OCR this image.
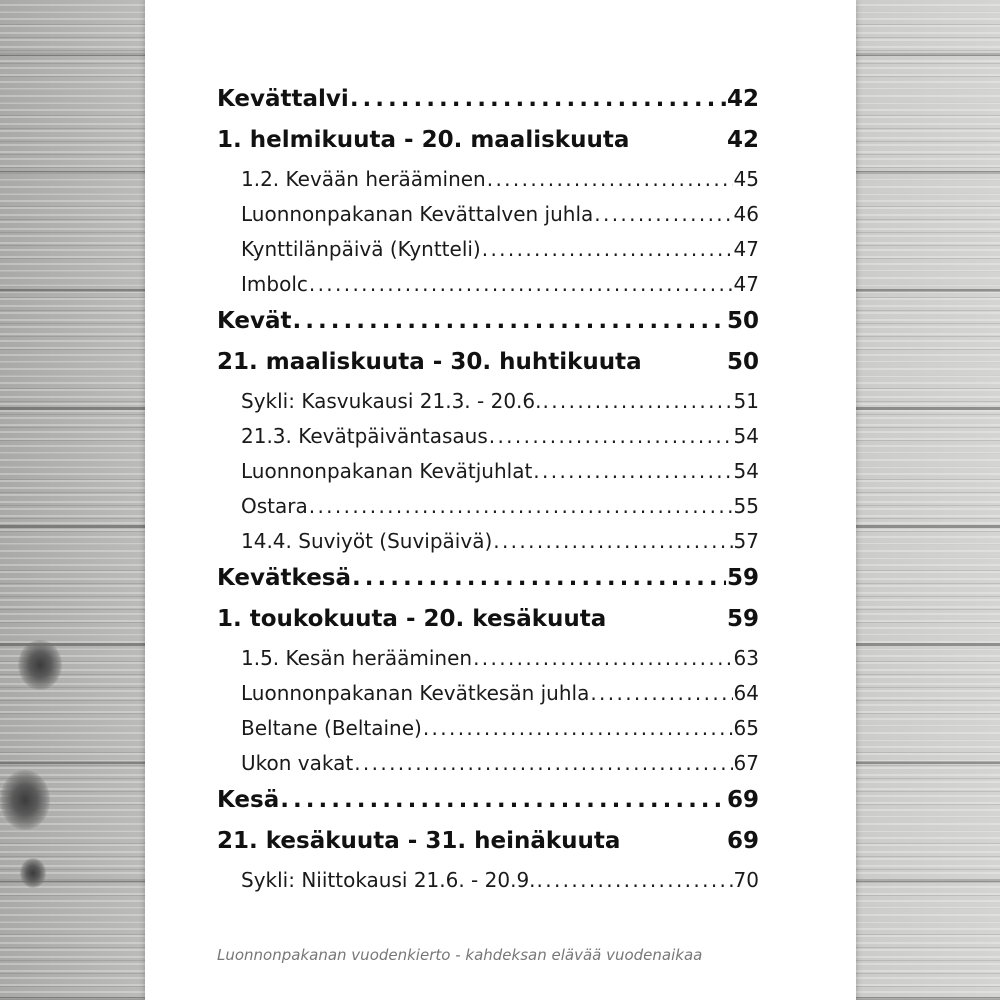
Kevättalvi . . .	42
1. helmikuuta - 20. maaliskuuta	42
1.2. Kevään herääminen . . .	45
Luonnonpakanan Kevättalven juhla . . .	46
Kynttilänpäivä (Kyntteli) . . .	47
Imbolc . . .	47
Kevät . . .	50
21. maaliskuuta - 30. huhtikuuta	50
Sykli: Kasvukausi 21.3. - 20.6. . . .	51
21.3. Kevätpäiväntasaus . . .	54
Luonnonpakanan Kevätjuhlat . . .	54
Ostara . . .	55
14.4. Suviyöt (Suvipäivä) . . .	57
Kevätkesä . . .	59
1. toukokuuta - 20. kesäkuuta	59
1.5. Kesän herääminen . . .	63
Luonnonpakanan Kevätkesän juhla . . .	64
Beltane (Beltaine) . . .	65
Ukon vakat . . .	67
Kesä . . .	69
21. kesäkuuta - 31. heinäkuuta	69
Sykli: Niittokausi 21.6. - 20.9. . . .	70
Luonnonpakanan vuodenkierto - kahdeksan elävää vuodenaikaa
